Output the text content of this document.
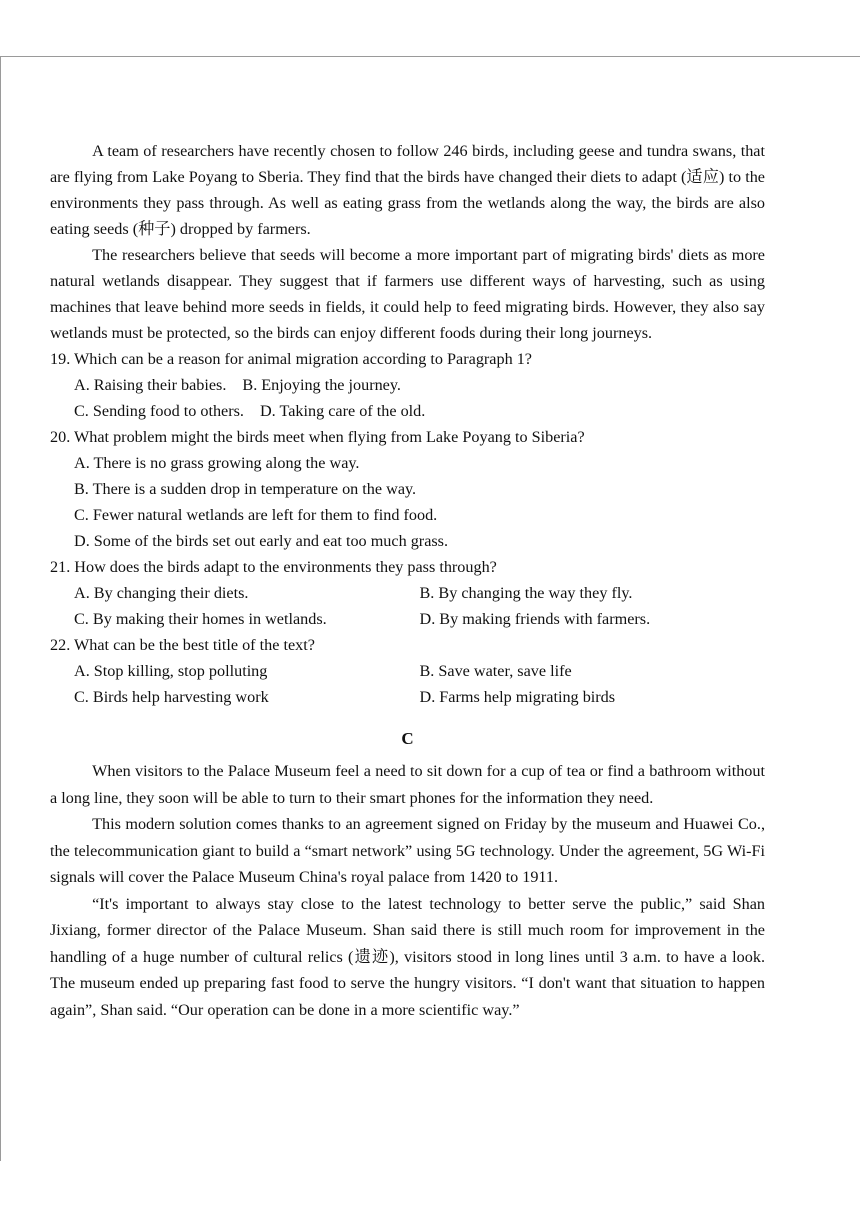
A team of researchers have recently chosen to follow 246 birds, including geese and tundra swans, that are flying from Lake Poyang to Sberia. They find that the birds have changed their diets to adapt (适应) to the environments they pass through. As well as eating grass from the wetlands along the way, the birds are also eating seeds (种子) dropped by farmers.

The researchers believe that seeds will become a more important part of migrating birds' diets as more natural wetlands disappear. They suggest that if farmers use different ways of harvesting, such as using machines that leave behind more seeds in fields, it could help to feed migrating birds. However, they also say wetlands must be protected, so the birds can enjoy different foods during their long journeys.

19. Which can be a reason for animal migration according to Paragraph 1?

A. Raising their babies. B. Enjoying the journey.
C. Sending food to others. D. Taking care of the old.

20. What problem might the birds meet when flying from Lake Poyang to Siberia?

A. There is no grass growing along the way.
B. There is a sudden drop in temperature on the way.
C. Fewer natural wetlands are left for them to find food.
D. Some of the birds set out early and eat too much grass.

21. How does the birds adapt to the environments they pass through?

A. By changing their diets.	B. By changing the way they fly.
C. By making their homes in wetlands.	D. By making friends with farmers.

22. What can be the best title of the text?

A. Stop killing, stop polluting	B. Save water, save life
C. Birds help harvesting work	D. Farms help migrating birds
C

When visitors to the Palace Museum feel a need to sit down for a cup of tea or find a bathroom without a long line, they soon will be able to turn to their smart phones for the information they need.

This modern solution comes thanks to an agreement signed on Friday by the museum and Huawei Co., the telecommunication giant to build a “smart network” using 5G technology. Under the agreement, 5G Wi-Fi signals will cover the Palace Museum China's royal palace from 1420 to 1911.

“It's important to always stay close to the latest technology to better serve the public,” said Shan Jixiang, former director of the Palace Museum. Shan said there is still much room for improvement in the handling of a huge number of cultural relics (遗迹), visitors stood in long lines until 3 a.m. to have a look. The museum ended up preparing fast food to serve the hungry visitors. “I don't want that situation to happen again”, Shan said. “Our operation can be done in a more scientific way.”
